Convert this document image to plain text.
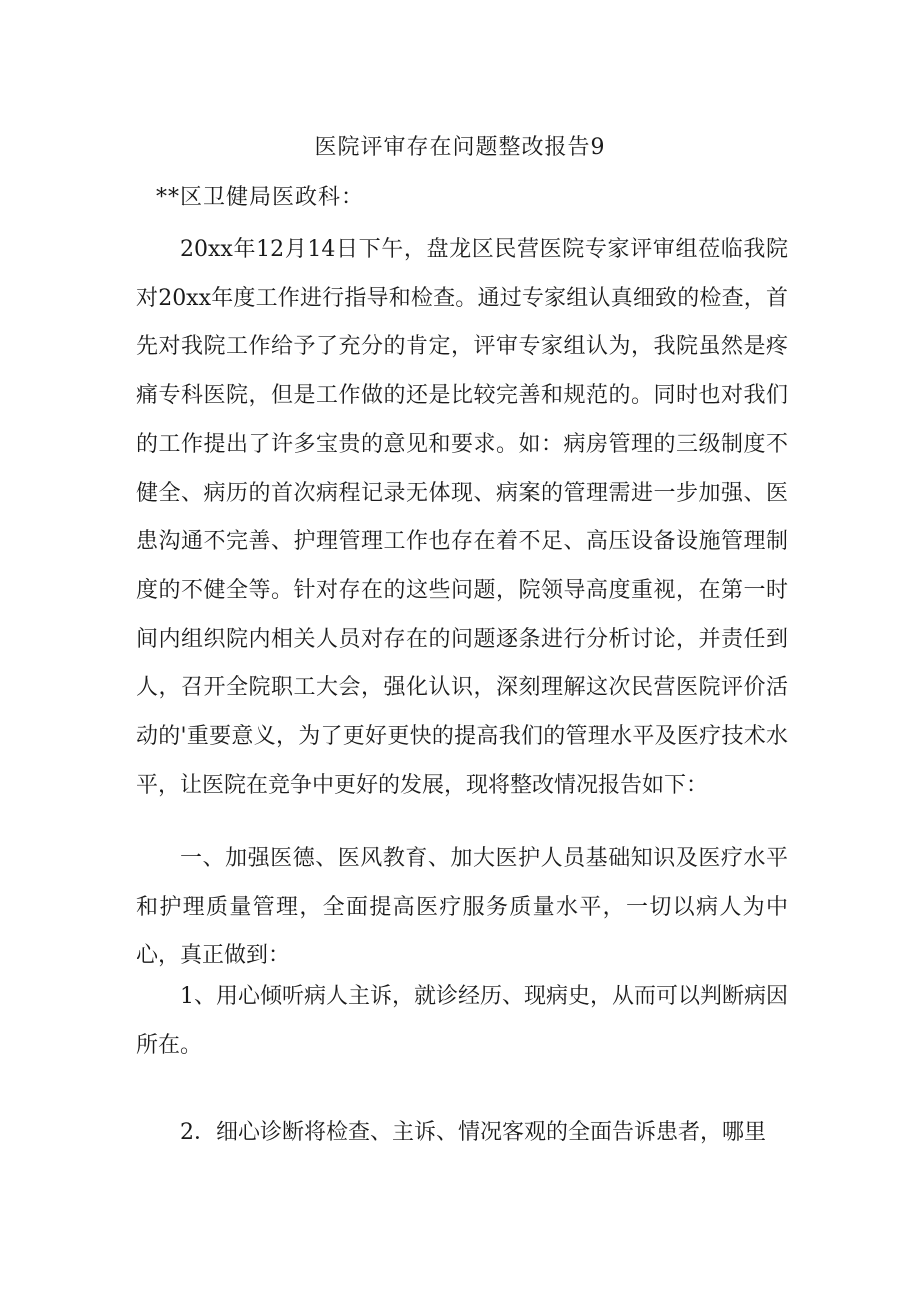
医院评审存在问题整改报告9
**区卫健局医政科：

20xx年12月14日下午，盘龙区民营医院专家评审组莅临我院对20xx年度工作进行指导和检查。通过专家组认真细致的检查，首先对我院工作给予了充分的肯定，评审专家组认为，我院虽然是疼痛专科医院，但是工作做的还是比较完善和规范的。同时也对我们的工作提出了许多宝贵的意见和要求。如：病房管理的三级制度不健全、病历的首次病程记录无体现、病案的管理需进一步加强、医患沟通不完善、护理管理工作也存在着不足、高压设备设施管理制度的不健全等。针对存在的这些问题，院领导高度重视，在第一时间内组织院内相关人员对存在的问题逐条进行分析讨论，并责任到人，召开全院职工大会，强化认识，深刻理解这次民营医院评价活动的'重要意义，为了更好更快的提高我们的管理水平及医疗技术水平，让医院在竞争中更好的发展，现将整改情况报告如下：

一、加强医德、医风教育、加大医护人员基础知识及医疗水平和护理质量管理，全面提高医疗服务质量水平，一切以病人为中心，真正做到：

1、用心倾听病人主诉，就诊经历、现病史，从而可以判断病因所在。

2．细心诊断将检查、主诉、情况客观的全面告诉患者，哪里
